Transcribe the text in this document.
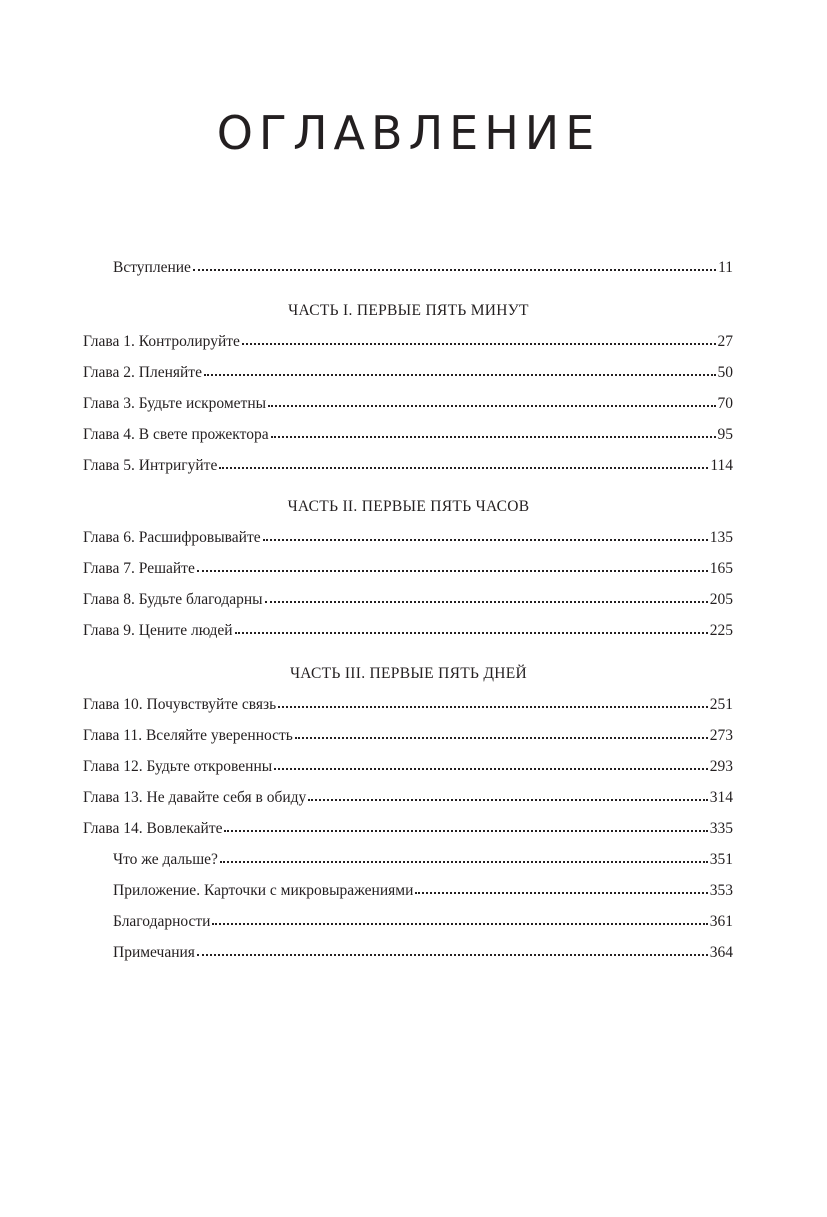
ОГЛАВЛЕНИЕ
Вступление	11
ЧАСТЬ I. ПЕРВЫЕ ПЯТЬ МИНУТ
Глава 1. Контролируйте	27
Глава 2. Пленяйте	50
Глава 3. Будьте искрометны	70
Глава 4. В свете прожектора	95
Глава 5. Интригуйте	114
ЧАСТЬ II. ПЕРВЫЕ ПЯТЬ ЧАСОВ
Глава 6. Расшифровывайте	135
Глава 7. Решайте	165
Глава 8. Будьте благодарны	205
Глава 9. Цените людей	225
ЧАСТЬ III. ПЕРВЫЕ ПЯТЬ ДНЕЙ
Глава 10. Почувствуйте связь	251
Глава 11. Вселяйте уверенность	273
Глава 12. Будьте откровенны	293
Глава 13. Не давайте себя в обиду	314
Глава 14. Вовлекайте	335
Что же дальше?	351
Приложение. Карточки с микровыражениями	353
Благодарности	361
Примечания	364
